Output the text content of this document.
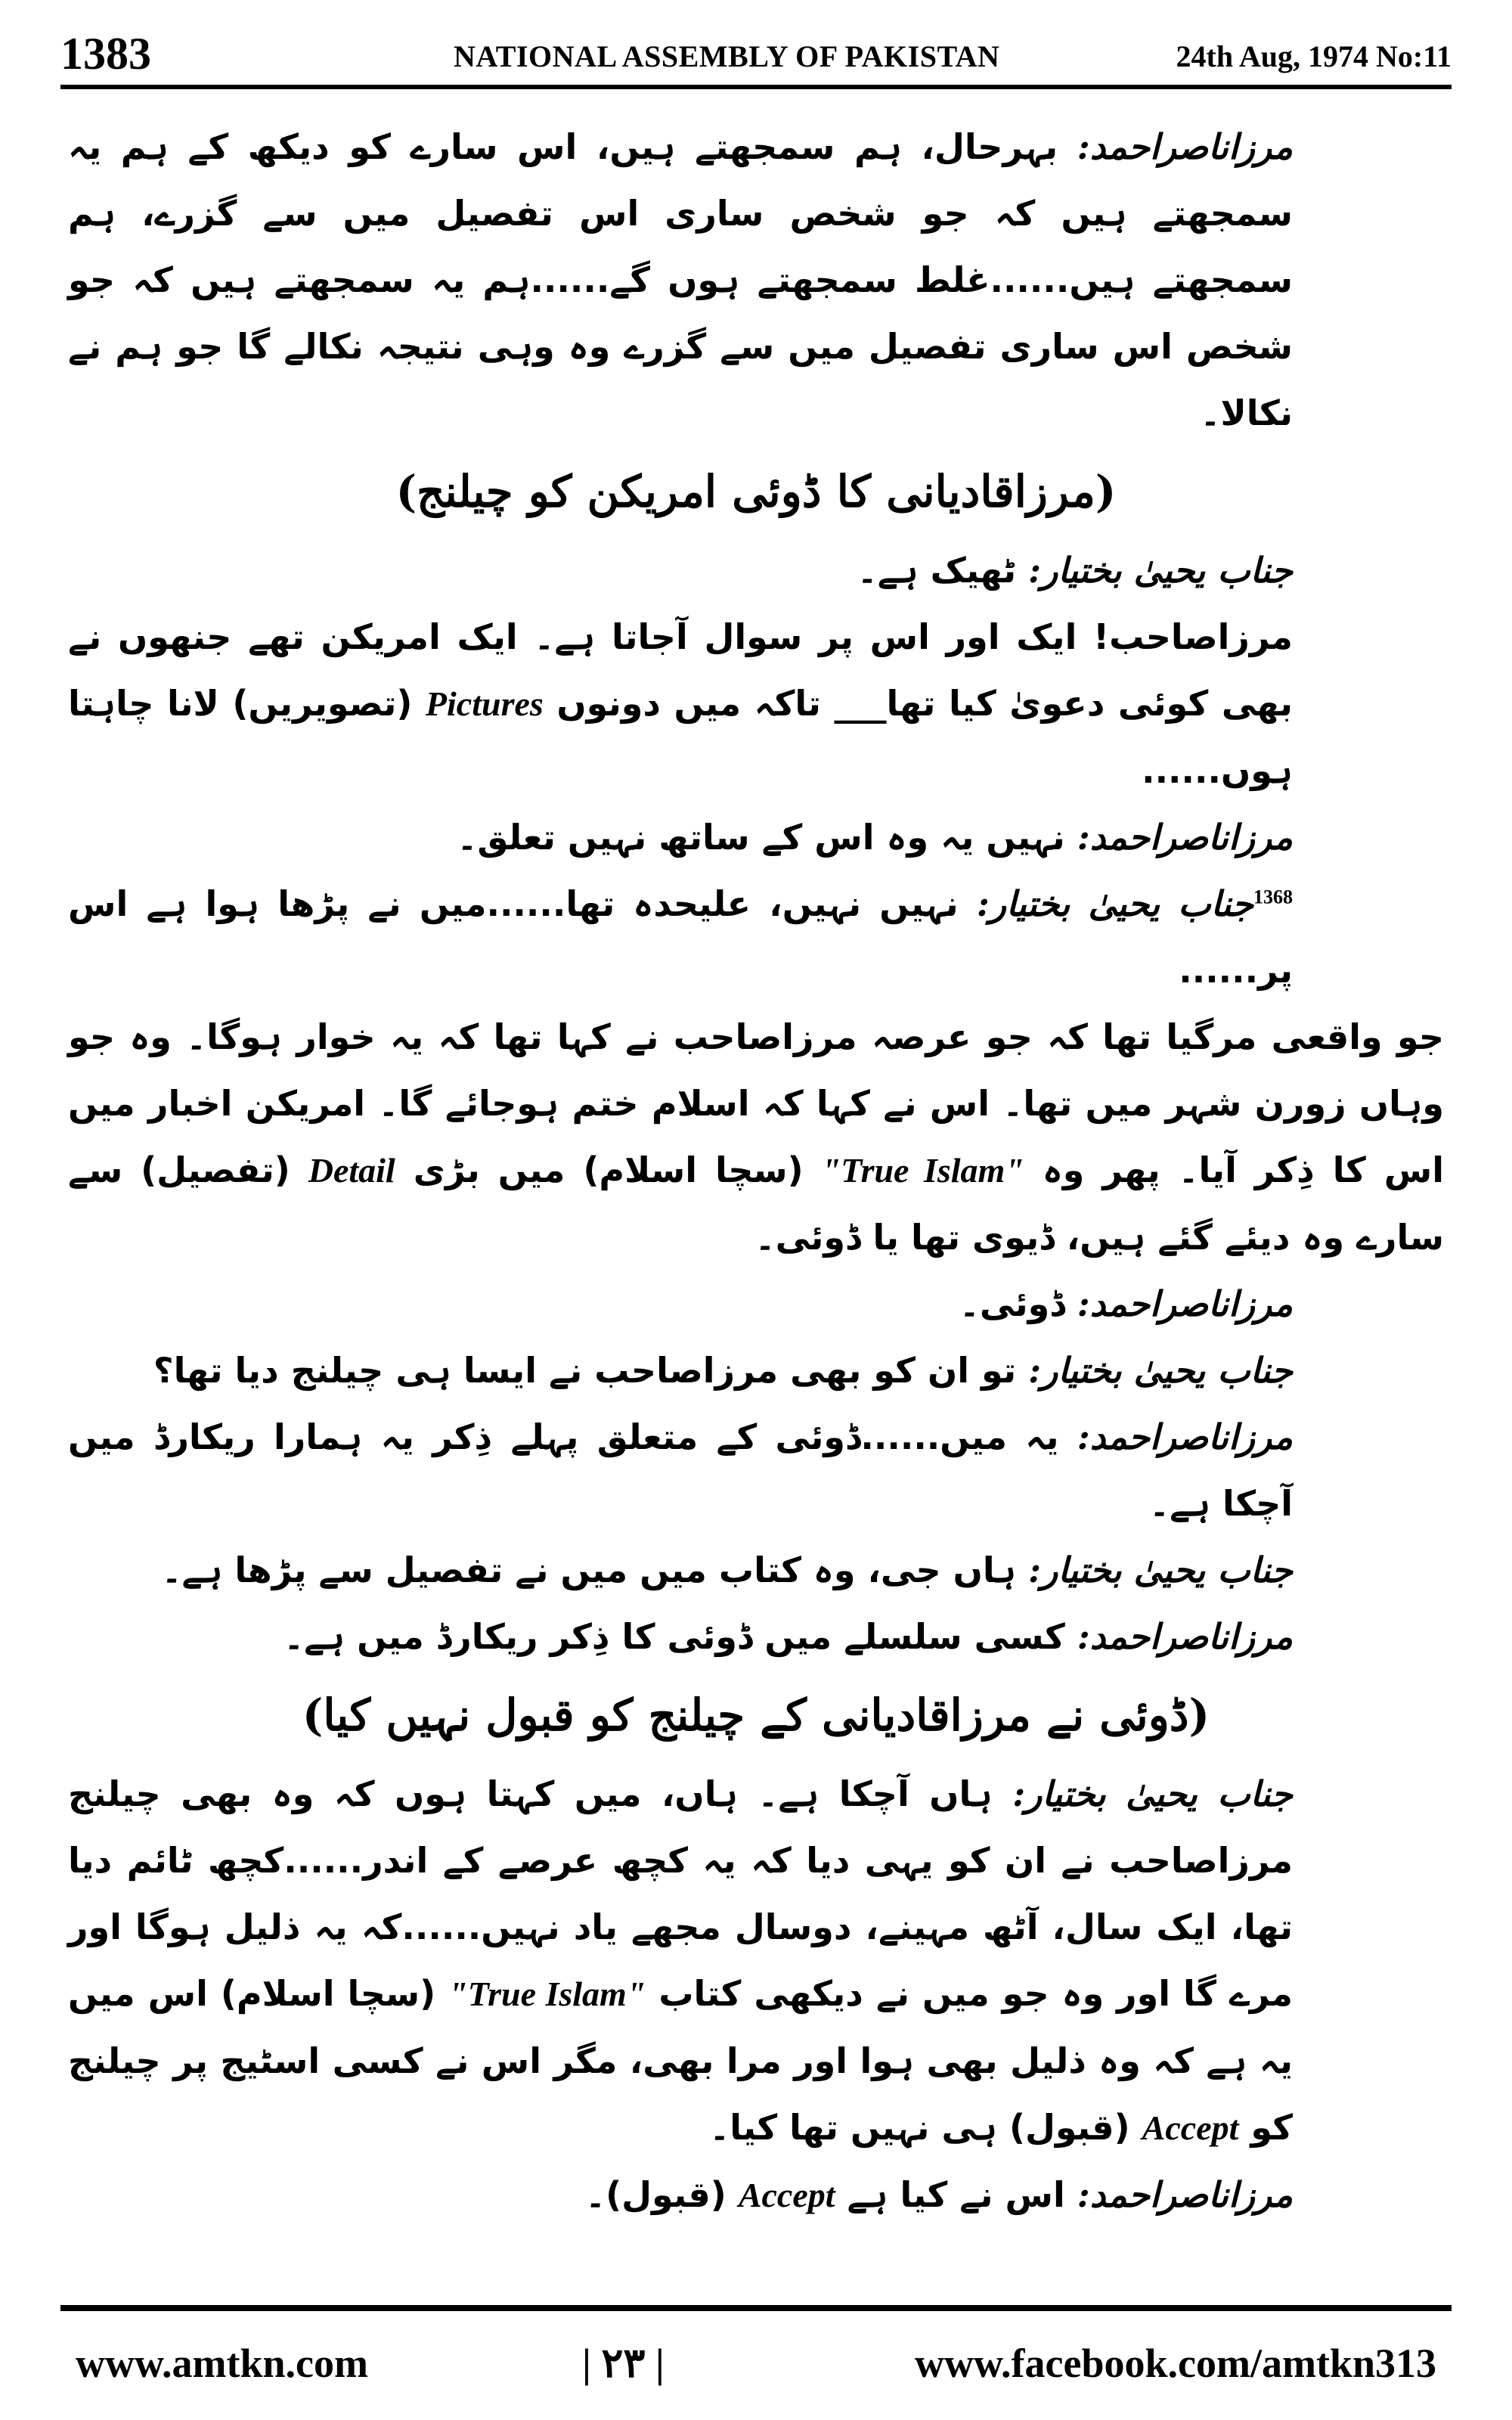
1383	NATIONAL ASSEMBLY OF PAKISTAN	24th Aug, 1974 No:11

مرزاناصراحمد: بہرحال، ہم سمجھتے ہیں، اس سارے کو دیکھ کے ہم یہ سمجھتے ہیں کہ جو شخص ساری اس تفصیل میں سے گزرے، ہم سمجھتے ہیں......غلط سمجھتے ہوں گے......ہم یہ سمجھتے ہیں کہ جو شخص اس ساری تفصیل میں سے گزرے وہ وہی نتیجہ نکالے گا جو ہم نے نکالا۔

(مرزاقادیانی کا ڈوئی امریکن کو چیلنج)

جناب یحییٰ بختیار: ٹھیک ہے۔

مرزاصاحب! ایک اور اس پر سوال آجاتا ہے۔ ایک امریکن تھے جنھوں نے بھی کوئی دعویٰ کیا تھا___ تاکہ میں دونوں Pictures (تصویریں) لانا چاہتا ہوں......

مرزاناصراحمد: نہیں یہ وہ اس کے ساتھ نہیں تعلق۔

$^{1368}$جناب یحییٰ بختیار: نہیں نہیں، علیحدہ تھا......میں نے پڑھا ہوا ہے اس پر......

جو واقعی مرگیا تھا کہ جو عرصہ مرزاصاحب نے کہا تھا کہ یہ خوار ہوگا۔ وہ جو وہاں زورن شہر میں تھا۔ اس نے کہا کہ اسلام ختم ہوجائے گا۔ امریکن اخبار میں اس کا ذِکر آیا۔ پھر وہ "True Islam" (سچا اسلام) میں بڑی Detail (تفصیل) سے سارے وہ دیئے گئے ہیں، ڈیوی تھا یا ڈوئی۔

مرزاناصراحمد: ڈوئی۔

جناب یحییٰ بختیار: تو ان کو بھی مرزاصاحب نے ایسا ہی چیلنج دیا تھا؟

مرزاناصراحمد: یہ میں......ڈوئی کے متعلق پہلے ذِکر یہ ہمارا ریکارڈ میں آچکا ہے۔

جناب یحییٰ بختیار: ہاں جی، وہ کتاب میں میں نے تفصیل سے پڑھا ہے۔

مرزاناصراحمد: کسی سلسلے میں ڈوئی کا ذِکر ریکارڈ میں ہے۔

(ڈوئی نے مرزاقادیانی کے چیلنج کو قبول نہیں کیا)

جناب یحییٰ بختیار: ہاں آچکا ہے۔ ہاں، میں کہتا ہوں کہ وہ بھی چیلنج مرزاصاحب نے ان کو یہی دیا کہ یہ کچھ عرصے کے اندر......کچھ ٹائم دیا تھا، ایک سال، آٹھ مہینے، دوسال مجھے یاد نہیں......کہ یہ ذلیل ہوگا اور مرے گا اور وہ جو میں نے دیکھی کتاب "True Islam" (سچا اسلام) اس میں یہ ہے کہ وہ ذلیل بھی ہوا اور مرا بھی، مگر اس نے کسی اسٹیج پر چیلنج کو Accept (قبول) ہی نہیں تھا کیا۔

مرزاناصراحمد: اس نے کیا ہے Accept (قبول)۔

www.amtkn.com	| ۲۳ |	www.facebook.com/amtkn313
